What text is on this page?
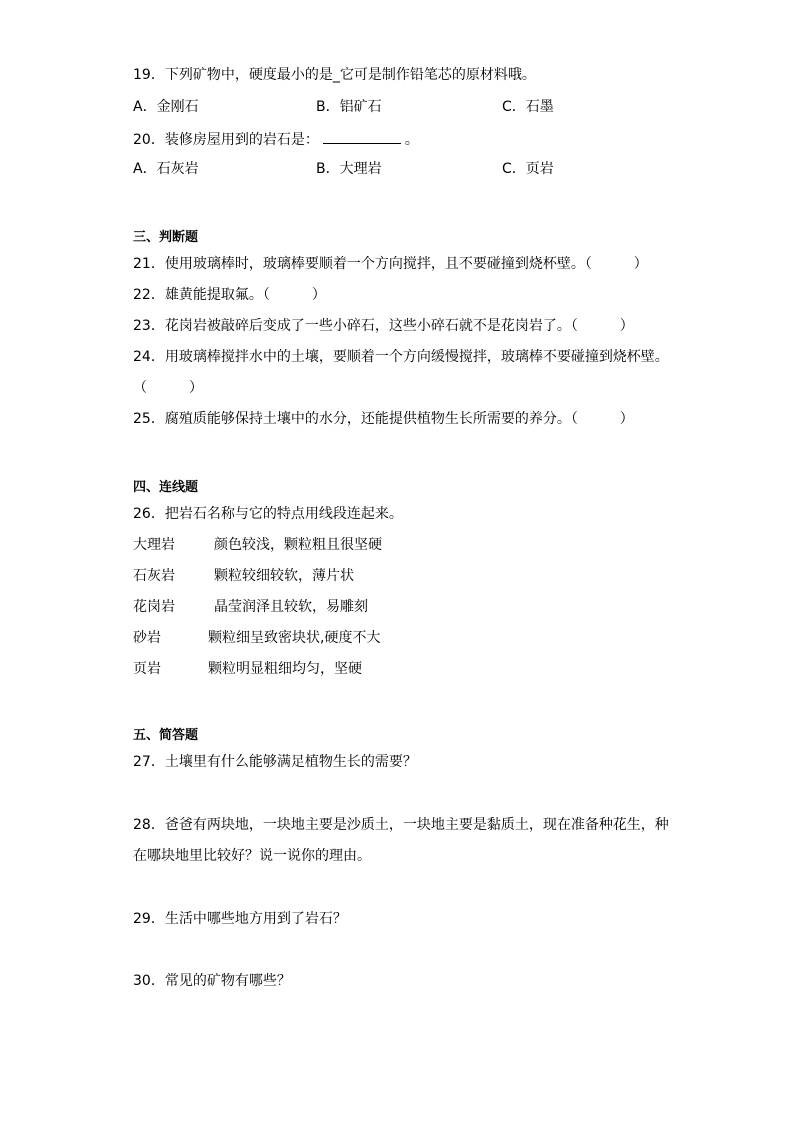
19．下列矿物中，硬度最小的是_它可是制作铅笔芯的原材料哦。
A．金刚石	B．铝矿石	C．石墨
20．装修房屋用到的岩石是：	。
A．石灰岩	B．大理岩	C．页岩
三、判断题
21．使用玻璃棒时，玻璃棒要顺着一个方向搅拌，且不要碰撞到烧杯壁。（　　　）
22．雄黄能提取氟。（　　　）
23．花岗岩被敲碎后变成了一些小碎石，这些小碎石就不是花岗岩了。（　　　）
24．用玻璃棒搅拌水中的土壤，要顺着一个方向缓慢搅拌，玻璃棒不要碰撞到烧杯壁。
（　　　）
25．腐殖质能够保持土壤中的水分，还能提供植物生长所需要的养分。（　　　）
四、连线题
26．把岩石名称与它的特点用线段连起来。
大理岩	颜色较浅，颗粒粗且很坚硬
石灰岩	颗粒较细较软，薄片状
花岗岩	晶莹润泽且较软，易雕刻
砂岩	颗粒细呈致密块状,硬度不大
页岩	颗粒明显粗细均匀，坚硬
五、简答题
27．土壤里有什么能够满足植物生长的需要？
28．爸爸有两块地，一块地主要是沙质土，一块地主要是黏质土，现在准备种花生，种
在哪块地里比较好？说一说你的理由。
29．生活中哪些地方用到了岩石？
30．常见的矿物有哪些？
